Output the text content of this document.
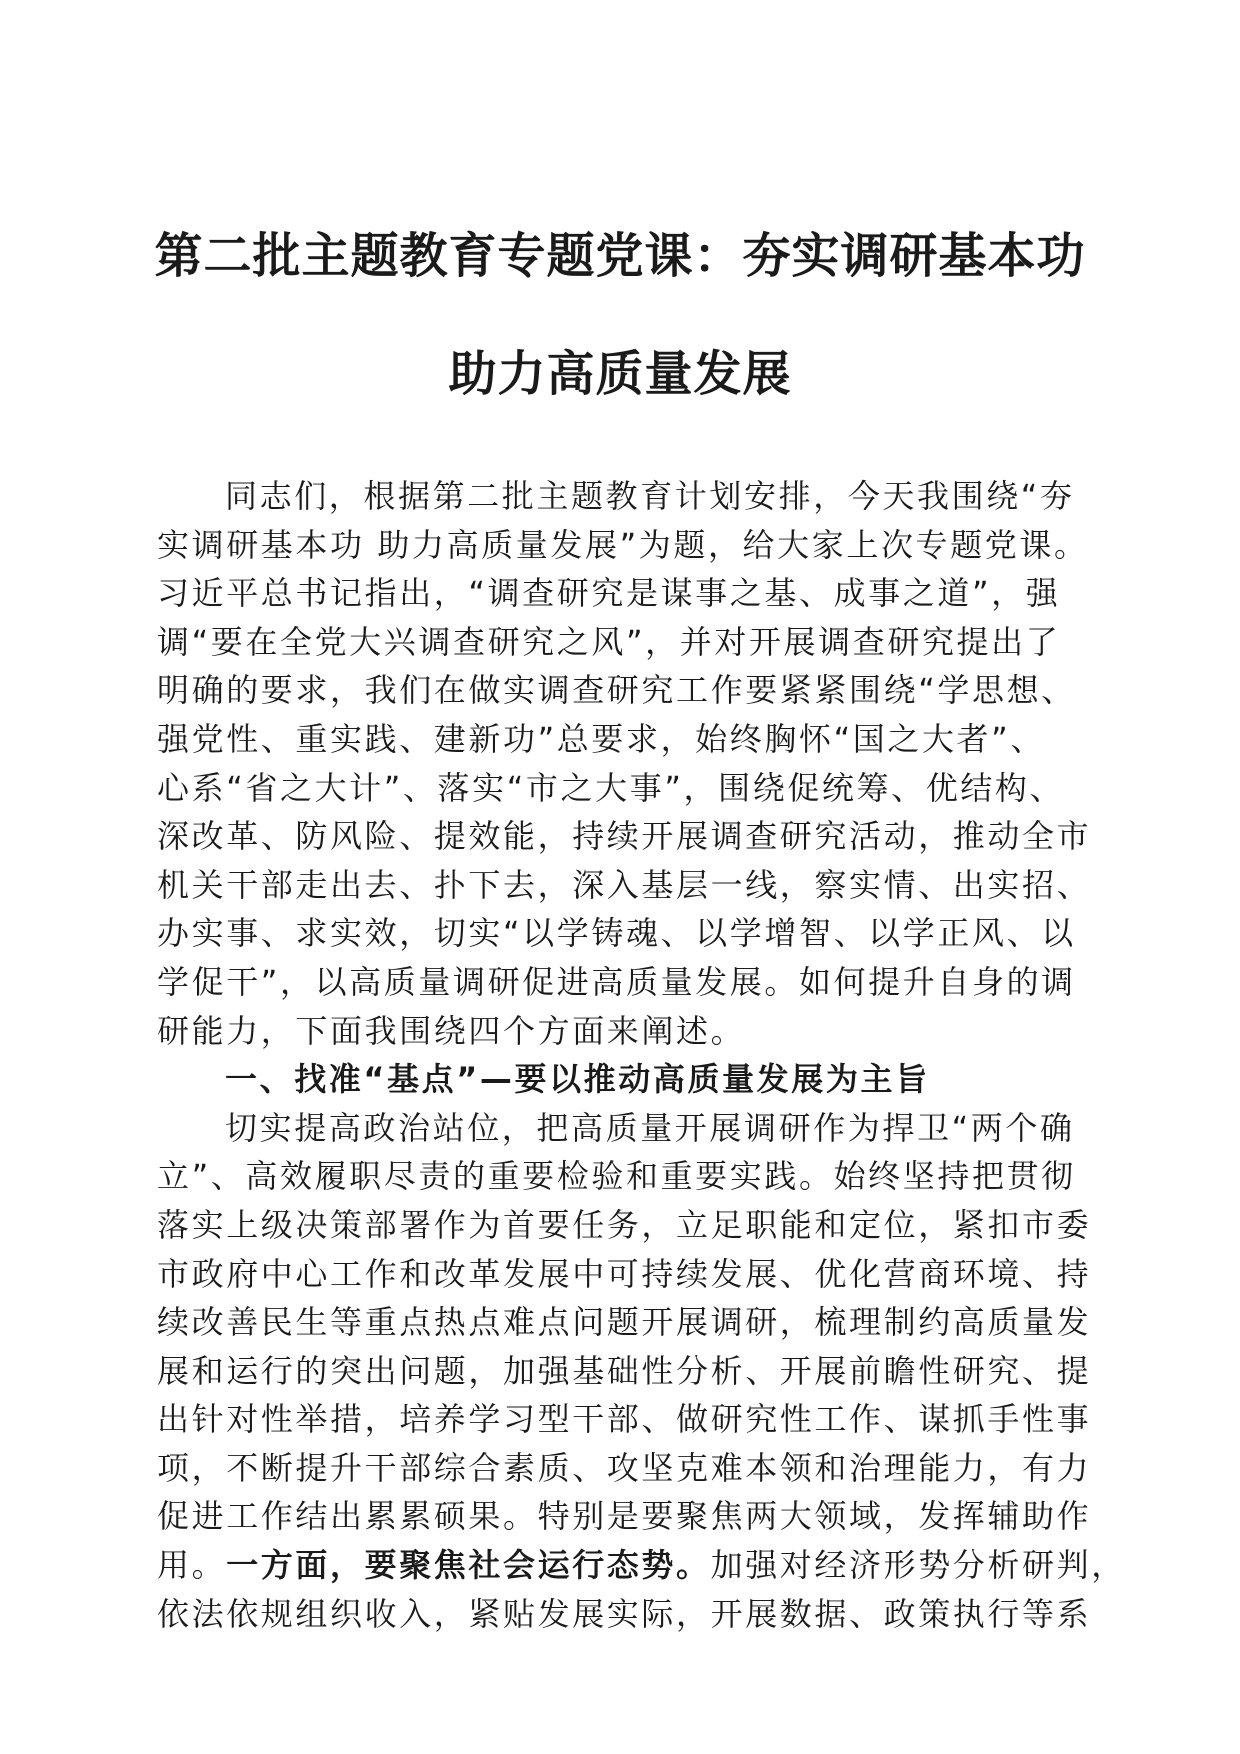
第二批主题教育专题党课：夯实调研基本功
助力高质量发展
同志们，根据第二批主题教育计划安排，今天我围绕“夯
实调研基本功 助力高质量发展”为题，给大家上次专题党课。
习近平总书记指出，“调查研究是谋事之基、成事之道”，强
调“要在全党大兴调查研究之风”，并对开展调查研究提出了
明确的要求，我们在做实调查研究工作要紧紧围绕“学思想、
强党性、重实践、建新功”总要求，始终胸怀“国之大者”、
心系“省之大计”、落实“市之大事”，围绕促统筹、优结构、
深改革、防风险、提效能，持续开展调查研究活动，推动全市
机关干部走出去、扑下去，深入基层一线，察实情、出实招、
办实事、求实效，切实“以学铸魂、以学增智、以学正风、以
学促干”，以高质量调研促进高质量发展。如何提升自身的调
研能力，下面我围绕四个方面来阐述。
一、找准“基点”—要以推动高质量发展为主旨
切实提高政治站位，把高质量开展调研作为捍卫“两个确
立”、高效履职尽责的重要检验和重要实践。始终坚持把贯彻
落实上级决策部署作为首要任务，立足职能和定位，紧扣市委
市政府中心工作和改革发展中可持续发展、优化营商环境、持
续改善民生等重点热点难点问题开展调研，梳理制约高质量发
展和运行的突出问题，加强基础性分析、开展前瞻性研究、提
出针对性举措，培养学习型干部、做研究性工作、谋抓手性事
项，不断提升干部综合素质、攻坚克难本领和治理能力，有力
促进工作结出累累硕果。特别是要聚焦两大领域，发挥辅助作
用。一方面，要聚焦社会运行态势。加强对经济形势分析研判，
依法依规组织收入，紧贴发展实际，开展数据、政策执行等系
